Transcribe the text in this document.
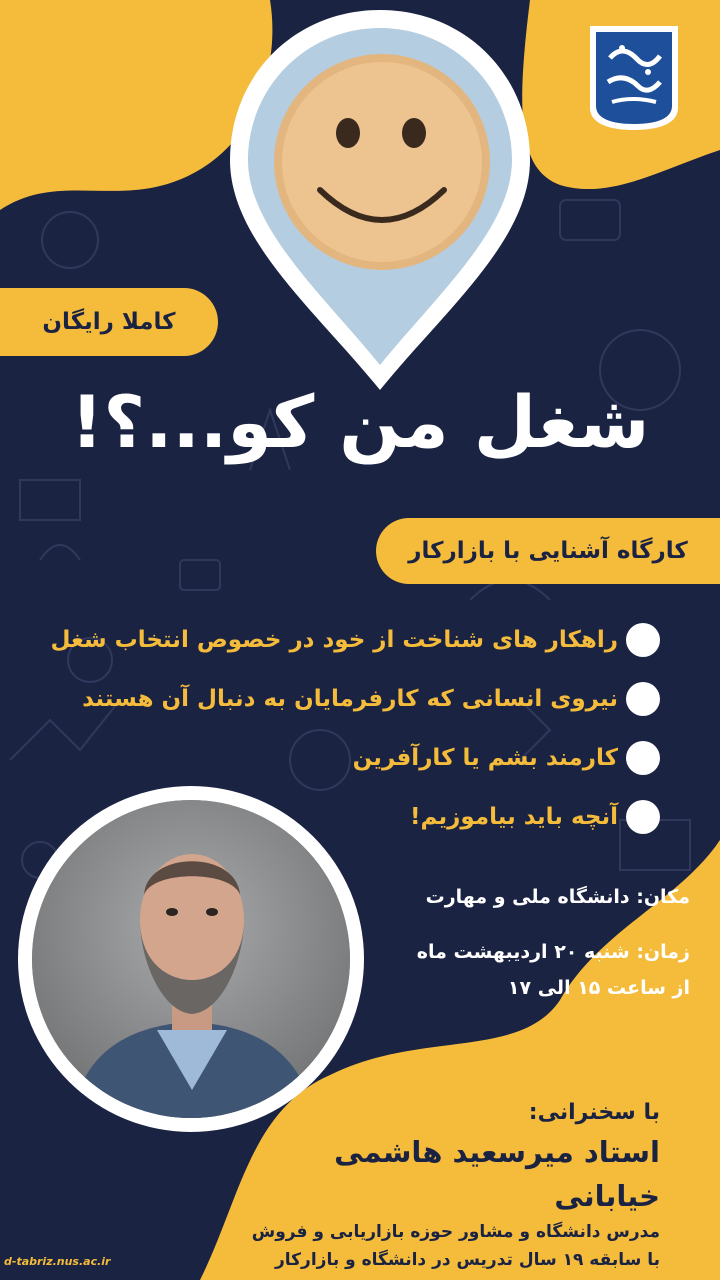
کاملا رایگان
شغل من کو...؟!
کارگاه آشنایی با بازارکار
راهکار های شناخت از خود در خصوص انتخاب شغل
نیروی انسانی که کارفرمایان به دنبال آن هستند
کارمند بشم یا کارآفرین
آنچه باید بیاموزیم!
مکان: دانشگاه ملی و مهارت
زمان: شنبه ۲۰ اردیبهشت ماه
از ساعت ۱۵ الی ۱۷
با سخنرانی:
استاد میرسعید هاشمی خیابانی
مدرس دانشگاه و مشاور حوزه بازاریابی و فروش
با سابقه ۱۹ سال تدریس در دانشگاه و بازارکار
d-tabriz.nus.ac.ir
